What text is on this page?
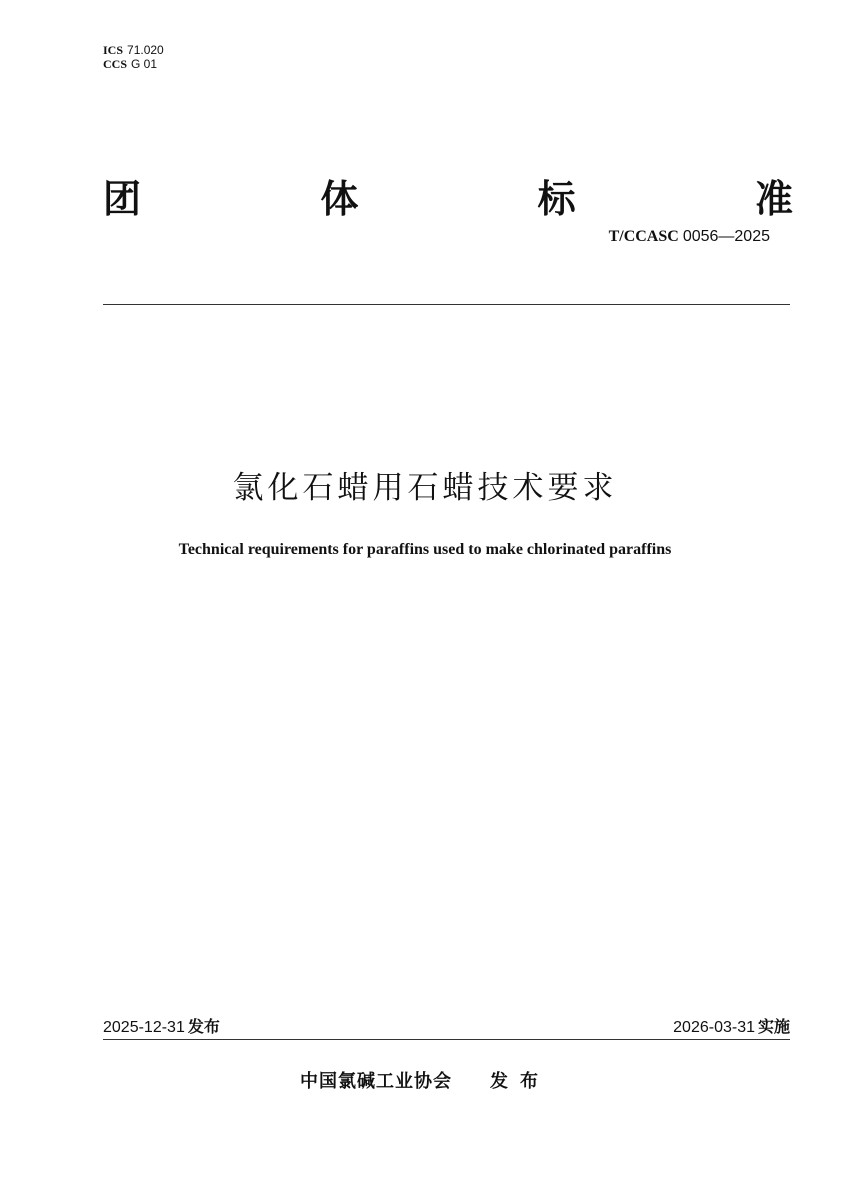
ICS 71.020
CCS G 01
团	体	标	准
T/CCASC 0056—2025
氯化石蜡用石蜡技术要求
Technical requirements for paraffins used to make chlorinated paraffins
2025-12-31 发布	2026-03-31 实施
中国氯碱工业协会 发布
